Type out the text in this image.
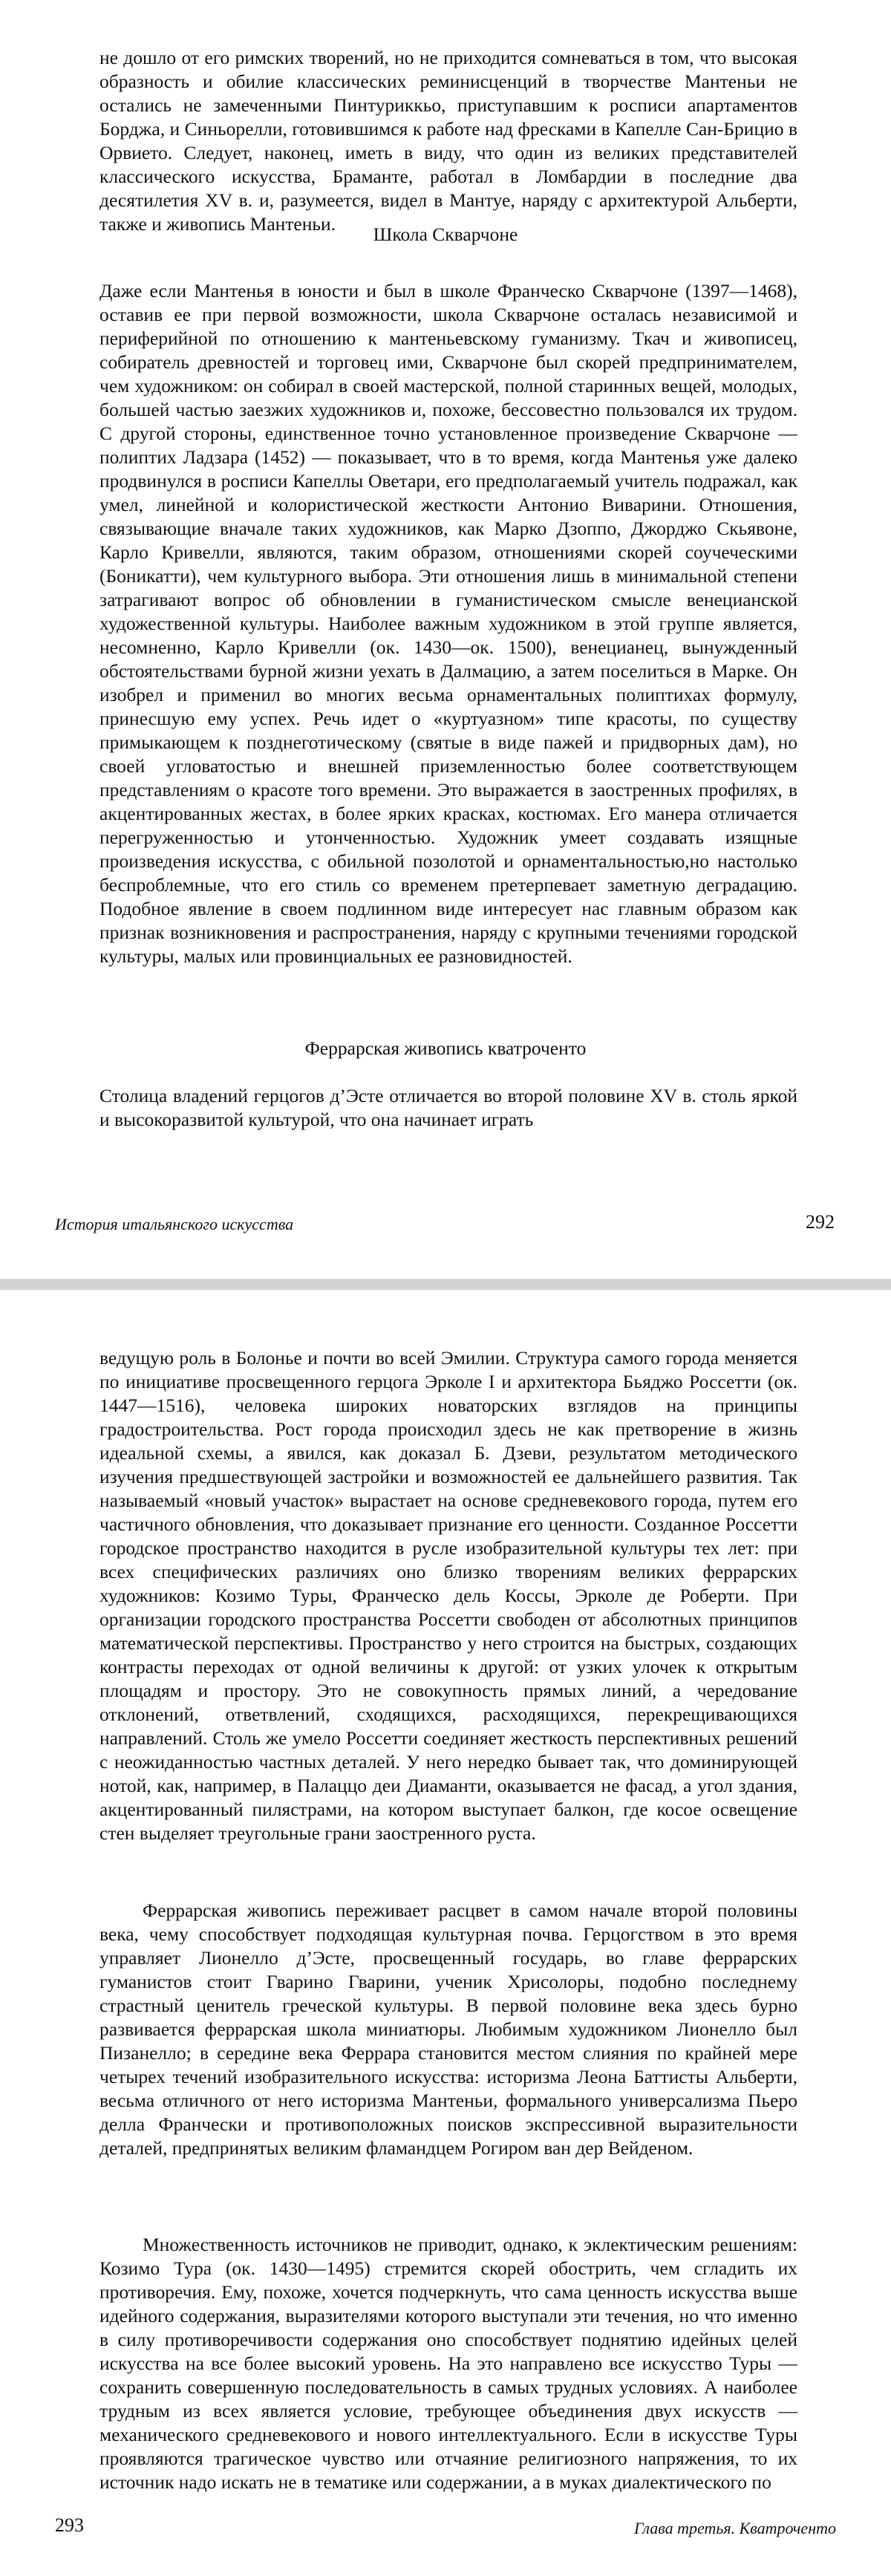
не дошло от его римских творений, но не приходится сомневаться в том, что высокая образность и обилие классических реминисценций в творчестве Мантеньи не остались не замеченными Пинтуриккьо, приступавшим к росписи апартаментов Борджа, и Синьорелли, готовившимся к работе над фресками в Капелле Сан-Брицио в Орвието. Следует, наконец, иметь в виду, что один из великих представителей классического искусства, Браманте, работал в Ломбардии в последние два десятилетия XV в. и, разумеется, видел в Мантуе, наряду с архитектурой Альберти, также и живопись Мантеньи.	Школа Скварчоне
Даже если Мантенья в юности и был в школе Франческо Скварчоне (1397—1468), оставив ее при первой возможности, школа Скварчоне осталась независимой и периферийной по отношению к мантеньевскому гуманизму. Ткач и живописец, собиратель древностей и торговец ими, Скварчоне был скорей предпринимателем, чем художником: он собирал в своей мастерской, полной старинных вещей, молодых, большей частью заезжих художников и, похоже, бессовестно пользовался их трудом. С другой стороны, единственное точно установленное произведение Скварчоне — полиптих Ладзара (1452) — показывает, что в то время, когда Мантенья уже далеко продвинулся в росписи Капеллы Оветари, его предполагаемый учитель подражал, как умел, линейной и колористической жесткости Антонио Виварини. Отношения, связывающие вначале таких художников, как Марко Дзоппо, Джорджо Скьявоне, Карло Кривелли, являются, таким образом, отношениями скорей соучеческими (Боникатти), чем культурного выбора. Эти отношения лишь в минимальной степени затрагивают вопрос об обновлении в гуманистическом смысле венецианской художественной культуры. Наиболее важным художником в этой группе является, несомненно, Карло Кривелли (ок. 1430—ок. 1500), венецианец, вынужденный обстоятельствами бурной жизни уехать в Далмацию, а затем поселиться в Марке. Он изобрел и применил во многих весьма орнаментальных полиптихах формулу, принесшую ему успех. Речь идет о «куртуазном» типе красоты, по существу примыкающем к позднеготическому (святые в виде пажей и придворных дам), но своей угловатостью и внешней приземленностью более соответствующем представлениям о красоте того времени. Это выражается в заостренных профилях, в акцентированных жестах, в более ярких красках, костюмах. Его манера отличается перегруженностью и утонченностью. Художник умеет создавать изящные произведения искусства, с обильной позолотой и орнаментальностью,но настолько беспроблемные, что его стиль со временем претерпевает заметную деградацию. Подобное явление в своем подлинном виде интересует нас главным образом как признак возникновения и распространения, наряду с крупными течениями городской культуры, малых или провинциальных ее разновидностей.
Феррарская живопись кватроченто
Столица владений герцогов д’Эсте отличается во второй половине XV в. столь яркой и высокоразвитой культурой, что она начинает играть
История итальянского искусства	292
ведущую роль в Болонье и почти во всей Эмилии. Структура самого города меняется по инициативе просвещенного герцога Эрколе I и архитектора Бьяджо Россетти (ок. 1447—1516), человека широких новаторских взглядов на принципы градостроительства. Рост города происходил здесь не как претворение в жизнь идеальной схемы, а явился, как доказал Б. Дзеви, результатом методического изучения предшествующей застройки и возможностей ее дальнейшего развития. Так называемый «новый участок» вырастает на основе средневекового города, путем его частичного обновления, что доказывает признание его ценности. Созданное Россетти городское пространство находится в русле изобразительной культуры тех лет: при всех специфических различиях оно близко творениям великих феррарских художников: Козимо Туры, Франческо дель Коссы, Эрколе де Роберти. При организации городского пространства Россетти свободен от абсолютных принципов математической перспективы. Пространство у него строится на быстрых, создающих контрасты переходах от одной величины к другой: от узких улочек к открытым площадям и простору. Это не совокупность прямых линий, а чередование отклонений, ответвлений, сходящихся, расходящихся, перекрещивающихся направлений. Столь же умело Россетти соединяет жесткость перспективных решений с неожиданностью частных деталей. У него нередко бывает так, что доминирующей нотой, как, например, в Палаццо деи Диаманти, оказывается не фасад, а угол здания, акцентированный пилястрами, на котором выступает балкон, где косое освещение стен выделяет треугольные грани заостренного руста.
Феррарская живопись переживает расцвет в самом начале второй половины века, чему способствует подходящая культурная почва. Герцогством в это время управляет Лионелло д’Эсте, просвещенный государь, во главе феррарских гуманистов стоит Гварино Гварини, ученик Хрисолоры, подобно последнему страстный ценитель греческой культуры. В первой половине века здесь бурно развивается феррарская школа миниатюры. Любимым художником Лионелло был Пизанелло; в середине века Феррара становится местом слияния по крайней мере четырех течений изобразительного искусства: историзма Леона Баттисты Альберти, весьма отличного от него историзма Мантеньи, формального универсализма Пьеро делла Франчески и противоположных поисков экспрессивной выразительности деталей, предпринятых великим фламандцем Рогиром ван дер Вейденом.
Множественность источников не приводит, однако, к эклектическим решениям: Козимо Тура (ок. 1430—1495) стремится скорей обострить, чем сгладить их противоречия. Ему, похоже, хочется подчеркнуть, что сама ценность искусства выше идейного содержания, выразителями которого выступали эти течения, но что именно в силу противоречивости содержания оно способствует поднятию идейных целей искусства на все более высокий уровень. На это направлено все искусство Туры — сохранить совершенную последовательность в самых трудных условиях. А наиболее трудным из всех является условие, требующее объединения двух искусств — механического средневекового и нового интеллектуального. Если в искусстве Туры проявляются трагическое чувство или отчаяние религиозного напряжения, то их источник надо искать не в тематике или содержании, а в муках диалектического по
293	Глава третья. Кватроченто
